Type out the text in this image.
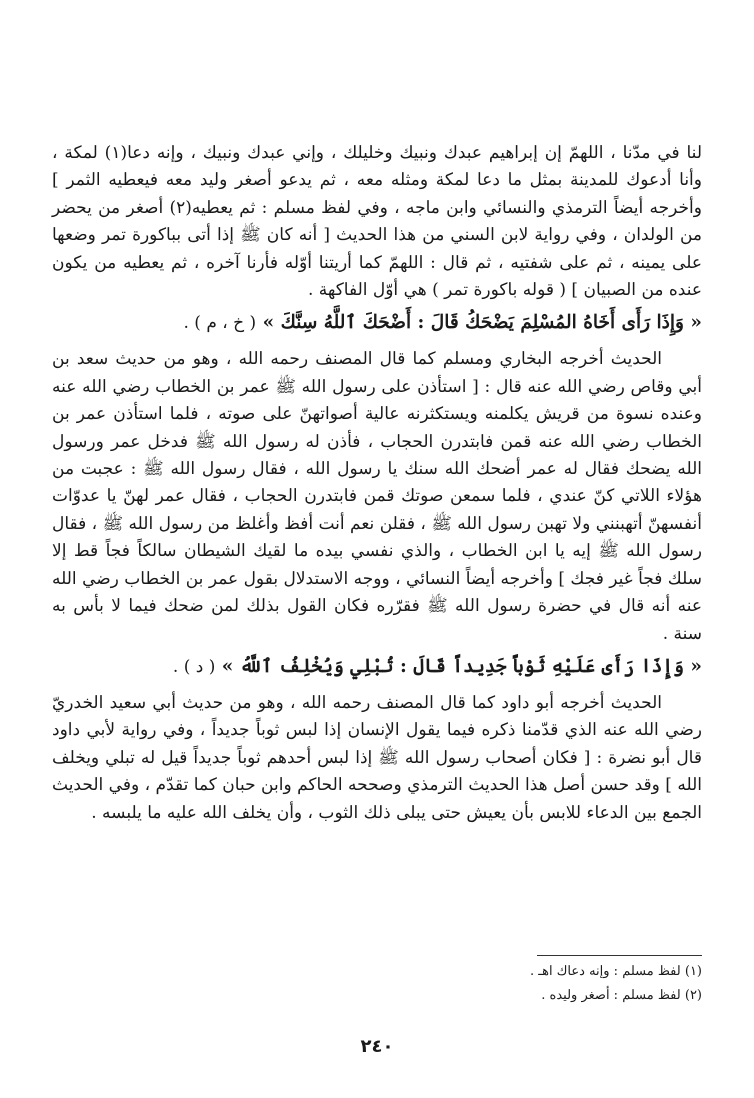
لنا في مدّنا ، اللهمّ إن إبراهيم عبدك ونبيك وخليلك ، وإني عبدك ونبيك ، وإنه دعا(١) لمكة ، وأنا أدعوك للمدينة بمثل ما دعا لمكة ومثله معه ، ثم يدعو أصغر وليد معه فيعطيه الثمر ] وأخرجه أيضاً الترمذي والنسائي وابن ماجه ، وفي لفظ مسلم : ثم يعطيه(٢) أصغر من يحضر من الولدان ، وفي رواية لابن السني من هذا الحديث [ أنه كان ﷺ إذا أتى بباكورة تمر وضعها على يمينه ، ثم على شفتيه ، ثم قال : اللهمّ كما أريتنا أوّله فأرنا آخره ، ثم يعطيه من يكون عنده من الصبيان ] ( قوله باكورة تمر ) هي أوّل الفاكهة .

« وَإِذَا رَأَى أَخَاهُ المُسْلِمَ يَضْحَكُ قَالَ : أَضْحَكَ ٱللَّهُ سِنَّكَ » ( خ ، م ) .

الحديث أخرجه البخاري ومسلم كما قال المصنف رحمه الله ، وهو من حديث سعد بن أبي وقاص رضي الله عنه قال : [ استأذن على رسول الله ﷺ عمر بن الخطاب رضي الله عنه وعنده نسوة من قريش يكلمنه ويستكثرنه عالية أصواتهنّ على صوته ، فلما استأذن عمر بن الخطاب رضي الله عنه قمن فابتدرن الحجاب ، فأذن له رسول الله ﷺ فدخل عمر ورسول الله يضحك فقال له عمر أضحك الله سنك يا رسول الله ، فقال رسول الله ﷺ : عجبت من هؤلاء اللاتي كنّ عندي ، فلما سمعن صوتك قمن فابتدرن الحجاب ، فقال عمر لهنّ يا عدوّات أنفسهنّ أتهبنني ولا تهبن رسول الله ﷺ ، فقلن نعم أنت أفظ وأغلظ من رسول الله ﷺ ، فقال رسول الله ﷺ إيه يا ابن الخطاب ، والذي نفسي بيده ما لقيك الشيطان سالكاً فجاً قط إلا سلك فجاً غير فجك ] وأخرجه أيضاً النسائي ، ووجه الاستدلال بقول عمر بن الخطاب رضي الله عنه أنه قال في حضرة رسول الله ﷺ فقرّره فكان القول بذلك لمن ضحك فيما لا بأس به سنة .

« وَإِذَا رَأَى عَلَيْهِ ثَوْباً جَدِيداً قَالَ : تُبْلِي وَيُخْلِفُ ٱللَّهُ » ( د ) .

الحديث أخرجه أبو داود كما قال المصنف رحمه الله ، وهو من حديث أبي سعيد الخدريّ رضي الله عنه الذي قدّمنا ذكره فيما يقول الإنسان إذا لبس ثوباً جديداً ، وفي رواية لأبي داود قال أبو نضرة : [ فكان أصحاب رسول الله ﷺ إذا لبس أحدهم ثوباً جديداً قيل له تبلي ويخلف الله ] وقد حسن أصل هذا الحديث الترمذي وصححه الحاكم وابن حبان كما تقدّم ، وفي الحديث الجمع بين الدعاء للابس بأن يعيش حتى يبلى ذلك الثوب ، وأن يخلف الله عليه ما يلبسه .

(١) لفظ مسلم : وإنه دعاك اهـ .
(٢) لفظ مسلم : أصغر وليده .
٢٤٠
